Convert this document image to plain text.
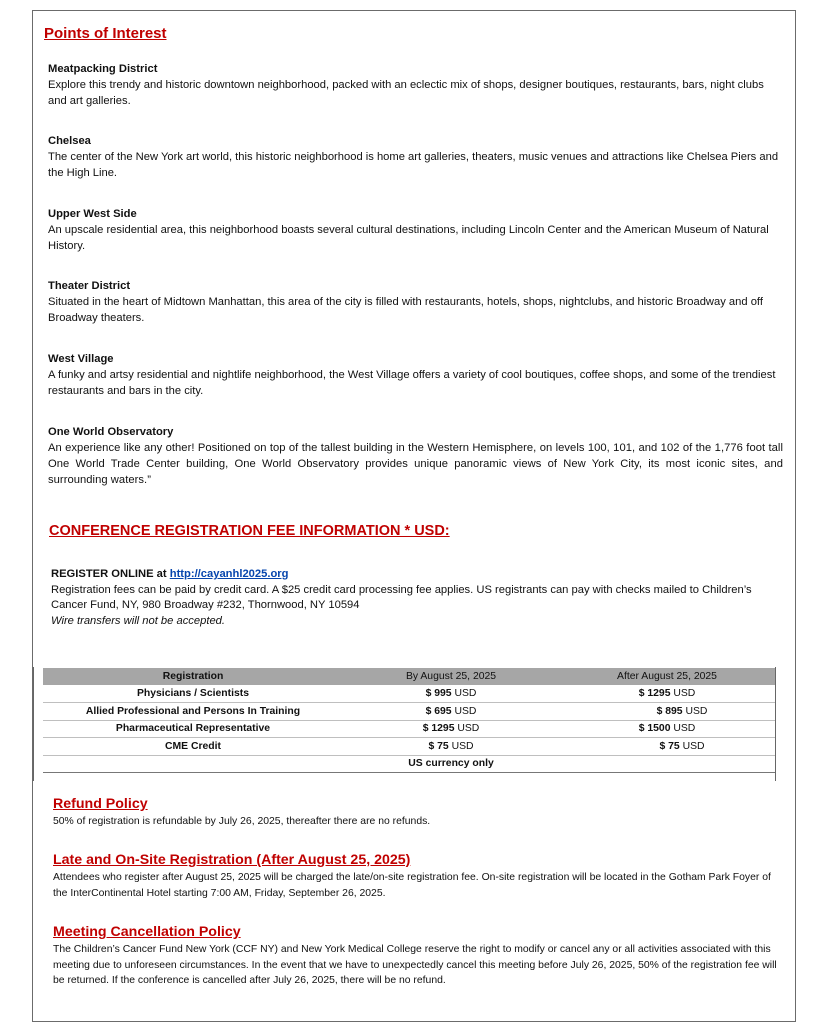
Points of Interest
Meatpacking District
Explore this trendy and historic downtown neighborhood, packed with an eclectic mix of shops, designer boutiques, restaurants, bars, night clubs and art galleries.
Chelsea
The center of the New York art world, this historic neighborhood is home art galleries, theaters, music venues and attractions like Chelsea Piers and the High Line.
Upper West Side
An upscale residential area, this neighborhood boasts several cultural destinations, including Lincoln Center and the American Museum of Natural History.
Theater District
Situated in the heart of Midtown Manhattan, this area of the city is filled with restaurants, hotels, shops, nightclubs, and historic Broadway and off Broadway theaters.
West Village
A funky and artsy residential and nightlife neighborhood, the West Village offers a variety of cool boutiques, coffee shops, and some of the trendiest restaurants and bars in the city.
One World Observatory
An experience like any other! Positioned on top of the tallest building in the Western Hemisphere, on levels 100, 101, and 102 of the 1,776 foot tall One World Trade Center building, One World Observatory provides unique panoramic views of New York City, its most iconic sites, and surrounding waters.”
CONFERENCE REGISTRATION FEE INFORMATION * USD:
REGISTER ONLINE at http://cayanhl2025.org
Registration fees can be paid by credit card. A $25 credit card processing fee applies. US registrants can pay with checks mailed to Children’s Cancer Fund, NY, 980 Broadway #232, Thornwood, NY 10594
Wire transfers will not be accepted.
Registration	By August 25, 2025	After August 25, 2025
Physicians / Scientists	$ 995 USD	$ 1295 USD
Allied Professional and Persons In Training	$ 695 USD	$ 895 USD
Pharmaceutical Representative	$ 1295 USD	$ 1500 USD
CME Credit	$ 75 USD	$ 75 USD
	US currency only	
Refund Policy
50% of registration is refundable by July 26, 2025, thereafter there are no refunds.
Late and On-Site Registration (After August 25, 2025)
Attendees who register after August 25, 2025 will be charged the late/on-site registration fee. On-site registration will be located in the Gotham Park Foyer of the InterContinental Hotel starting 7:00 AM, Friday, September 26, 2025.
Meeting Cancellation Policy
The Children’s Cancer Fund New York (CCF NY) and New York Medical College reserve the right to modify or cancel any or all activities associated with this meeting due to unforeseen circumstances. In the event that we have to unexpectedly cancel this meeting before July 26, 2025, 50% of the registration fee will be returned. If the conference is cancelled after July 26, 2025, there will be no refund.
